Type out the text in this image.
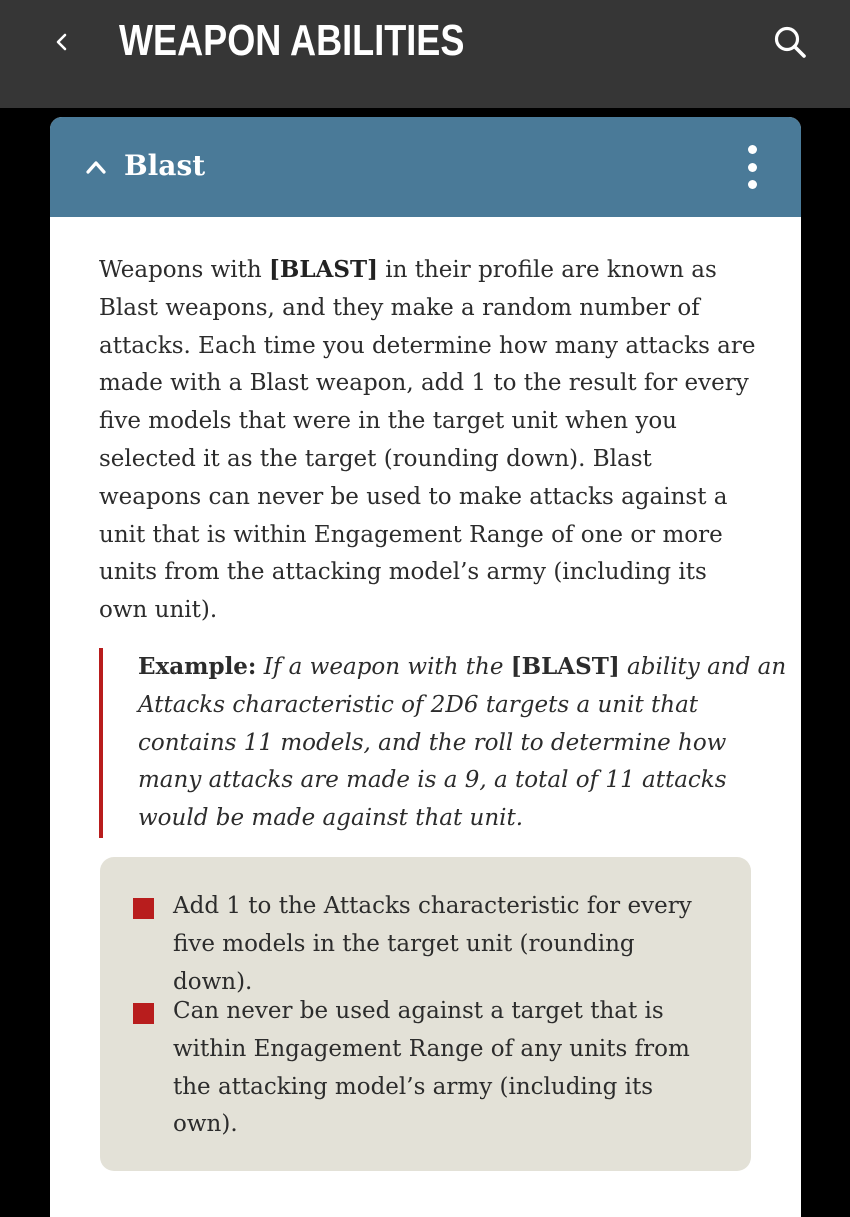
WEAPON ABILITIES
Blast

Weapons with [BLAST] in their profile are known as Blast weapons, and they make a random number of attacks. Each time you determine how many attacks are made with a Blast weapon, add 1 to the result for every five models that were in the target unit when you selected it as the target (rounding down). Blast weapons can never be used to make attacks against a unit that is within Engagement Range of one or more units from the attacking model’s army (including its own unit).

Example: If a weapon with the [BLAST] ability and an Attacks characteristic of 2D6 targets a unit that contains 11 models, and the roll to determine how many attacks are made is a 9, a total of 11 attacks would be made against that unit.
Add 1 to the Attacks characteristic for every five models in the target unit (rounding down).
Can never be used against a target that is within Engagement Range of any units from the attacking model’s army (including its own).
